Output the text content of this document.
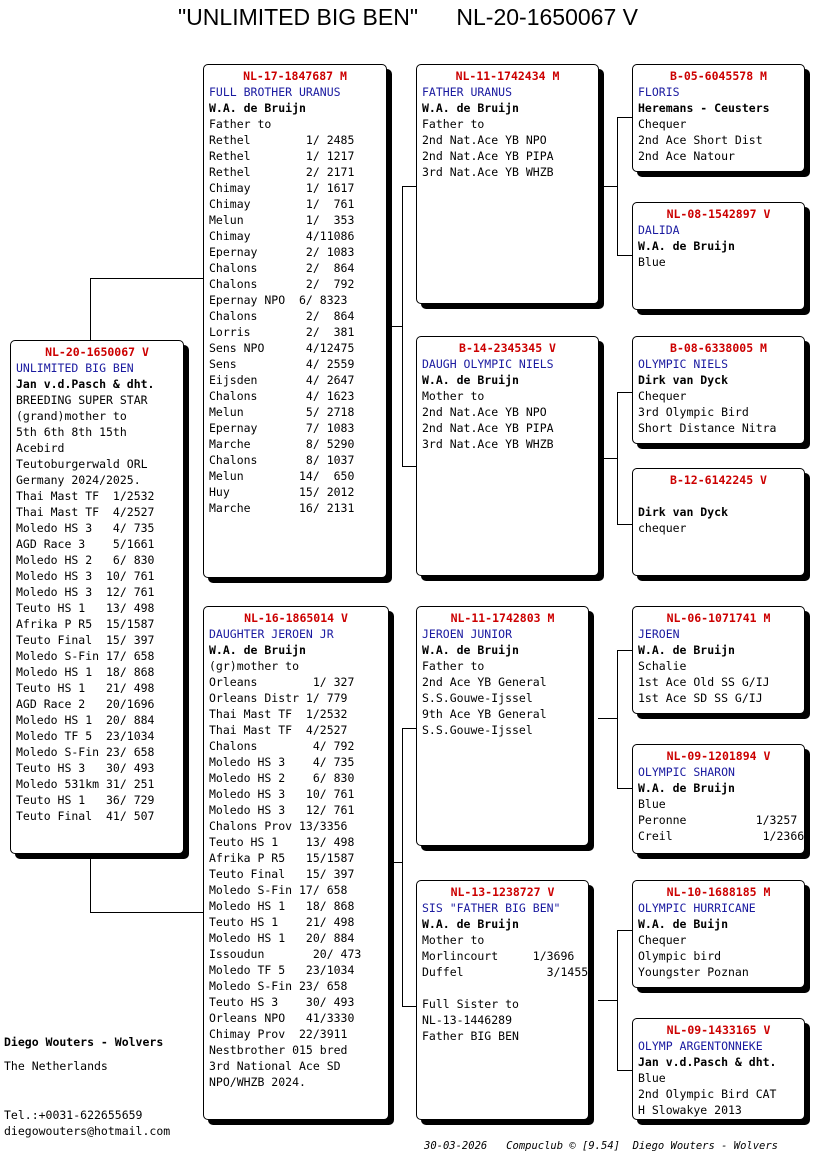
"UNLIMITED BIG BEN" NL-20-1650067 V
NL-20-1650067 V
UNLIMITED BIG BEN
Jan v.d.Pasch & dht.
BREEDING SUPER STAR
(grand)mother to
5th 6th 8th 15th
Acebird
Teutoburgerwald ORL
Germany 2024/2025.
Thai Mast TF  1/2532
Thai Mast TF  4/2527
Moledo HS 3   4/ 735
AGD Race 3    5/1661
Moledo HS 2   6/ 830
Moledo HS 3  10/ 761
Moledo HS 3  12/ 761
Teuto HS 1   13/ 498
Afrika P R5  15/1587
Teuto Final  15/ 397
Moledo S-Fin 17/ 658
Moledo HS 1  18/ 868
Teuto HS 1   21/ 498
AGD Race 2   20/1696
Moledo HS 1  20/ 884
Moledo TF 5  23/1034
Moledo S-Fin 23/ 658
Teuto HS 3   30/ 493
Moledo 531km 31/ 251
Teuto HS 1   36/ 729
Teuto Final  41/ 507
NL-17-1847687 M
FULL BROTHER URANUS
W.A. de Bruijn
Father to
Rethel        1/ 2485
Rethel        1/ 1217
Rethel        2/ 2171
Chimay        1/ 1617
Chimay        1/  761
Melun         1/  353
Chimay        4/11086
Epernay       2/ 1083
Chalons       2/  864
Chalons       2/  792
Epernay NPO  6/ 8323
Chalons       2/  864
Lorris        2/  381
Sens NPO      4/12475
Sens          4/ 2559
Eijsden       4/ 2647
Chalons       4/ 1623
Melun         5/ 2718
Epernay       7/ 1083
Marche        8/ 5290
Chalons       8/ 1037
Melun        14/  650
Huy          15/ 2012
Marche       16/ 2131
NL-16-1865014 V
DAUGHTER JEROEN JR
W.A. de Bruijn
(gr)mother to
Orleans        1/ 327
Orleans Distr 1/ 779
Thai Mast TF  1/2532
Thai Mast TF  4/2527
Chalons        4/ 792
Moledo HS 3    4/ 735
Moledo HS 2    6/ 830
Moledo HS 3   10/ 761
Moledo HS 3   12/ 761
Chalons Prov 13/3356
Teuto HS 1    13/ 498
Afrika P R5   15/1587
Teuto Final   15/ 397
Moledo S-Fin 17/ 658
Moledo HS 1   18/ 868
Teuto HS 1    21/ 498
Moledo HS 1   20/ 884
Issoudun       20/ 473
Moledo TF 5   23/1034
Moledo S-Fin 23/ 658
Teuto HS 3    30/ 493
Orleans NPO   41/3330
Chimay Prov  22/3911
Nestbrother 015 bred
3rd National Ace SD
NPO/WHZB 2024.
NL-11-1742434 M
FATHER URANUS
W.A. de Bruijn
Father to
2nd Nat.Ace YB NPO
2nd Nat.Ace YB PIPA
3rd Nat.Ace YB WHZB
B-14-2345345 V
DAUGH OLYMPIC NIELS
W.A. de Bruijn
Mother to
2nd Nat.Ace YB NPO
2nd Nat.Ace YB PIPA
3rd Nat.Ace YB WHZB
NL-11-1742803 M
JEROEN JUNIOR
W.A. de Bruijn
Father to
2nd Ace YB General
S.S.Gouwe-Ijssel
9th Ace YB General
S.S.Gouwe-Ijssel
NL-13-1238727 V
SIS "FATHER BIG BEN"
W.A. de Bruijn
Mother to
Morlincourt     1/3696
Duffel            3/1455

Full Sister to
NL-13-1446289
Father BIG BEN
B-05-6045578 M
FLORIS
Heremans - Ceusters
Chequer
2nd Ace Short Dist
2nd Ace Natour
NL-08-1542897 V
DALIDA
W.A. de Bruijn
Blue
B-08-6338005 M
OLYMPIC NIELS
Dirk van Dyck
Chequer
3rd Olympic Bird
Short Distance Nitra
B-12-6142245 V

Dirk van Dyck
chequer
NL-06-1071741 M
JEROEN
W.A. de Bruijn
Schalie
1st Ace Old SS G/IJ
1st Ace SD SS G/IJ
NL-09-1201894 V
OLYMPIC SHARON
W.A. de Bruijn
Blue
Peronne          1/3257
Creil             1/2366
NL-10-1688185 M
OLYMPIC HURRICANE
W.A. de Buijn
Chequer
Olympic bird
Youngster Poznan
NL-09-1433165 V
OLYMP ARGENTONNEKE
Jan v.d.Pasch & dht.
Blue
2nd Olympic Bird CAT
H Slowakye 2013
Diego Wouters - Wolvers
The Netherlands
Tel.:+0031-622655659
diegowouters@hotmail.com
30-03-2026   Compuclub © [9.54]  Diego Wouters - Wolvers
